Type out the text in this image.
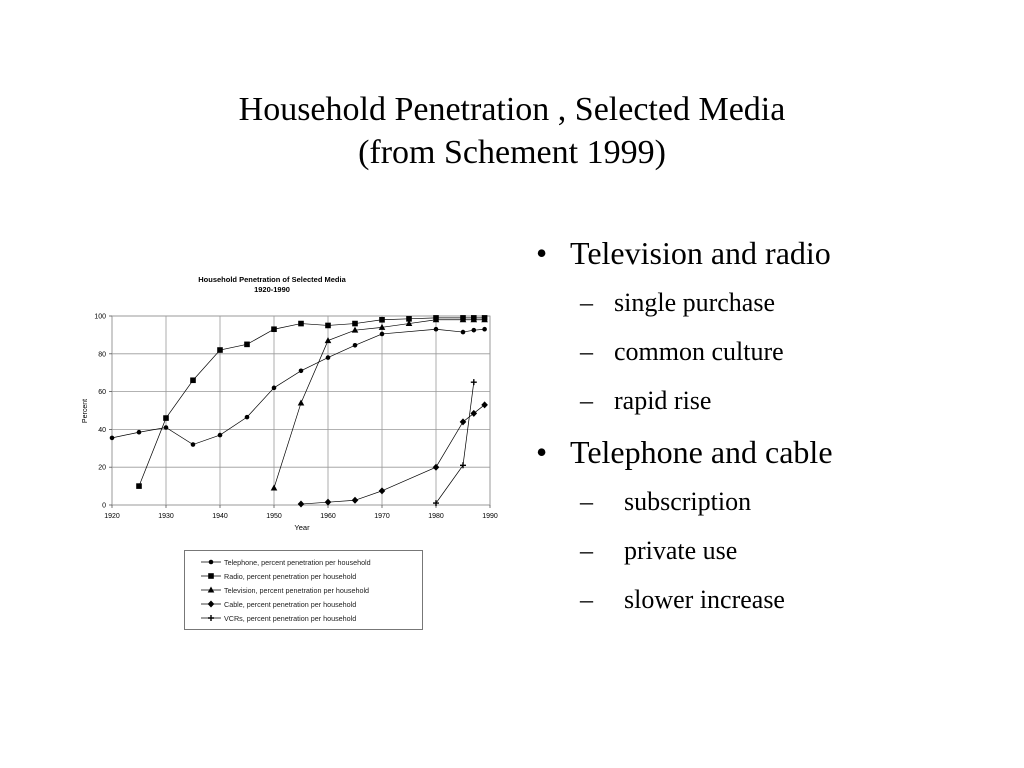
Household Penetration , Selected Media
(from Schement 1999)
Household Penetration of Selected Media
1920-1990
0
20
40
60
80
100
1920	1930	1940	1950	1960	1970	1980	1990
Year
Percent
Telephone, percent penetration per household
Radio, percent penetration per household
Television, percent penetration per household
Cable, percent penetration per household
VCRs, percent penetration per household
• Television and radio
– single purchase
– common culture
– rapid rise
• Telephone and cable
– subscription
– private use
– slower increase
